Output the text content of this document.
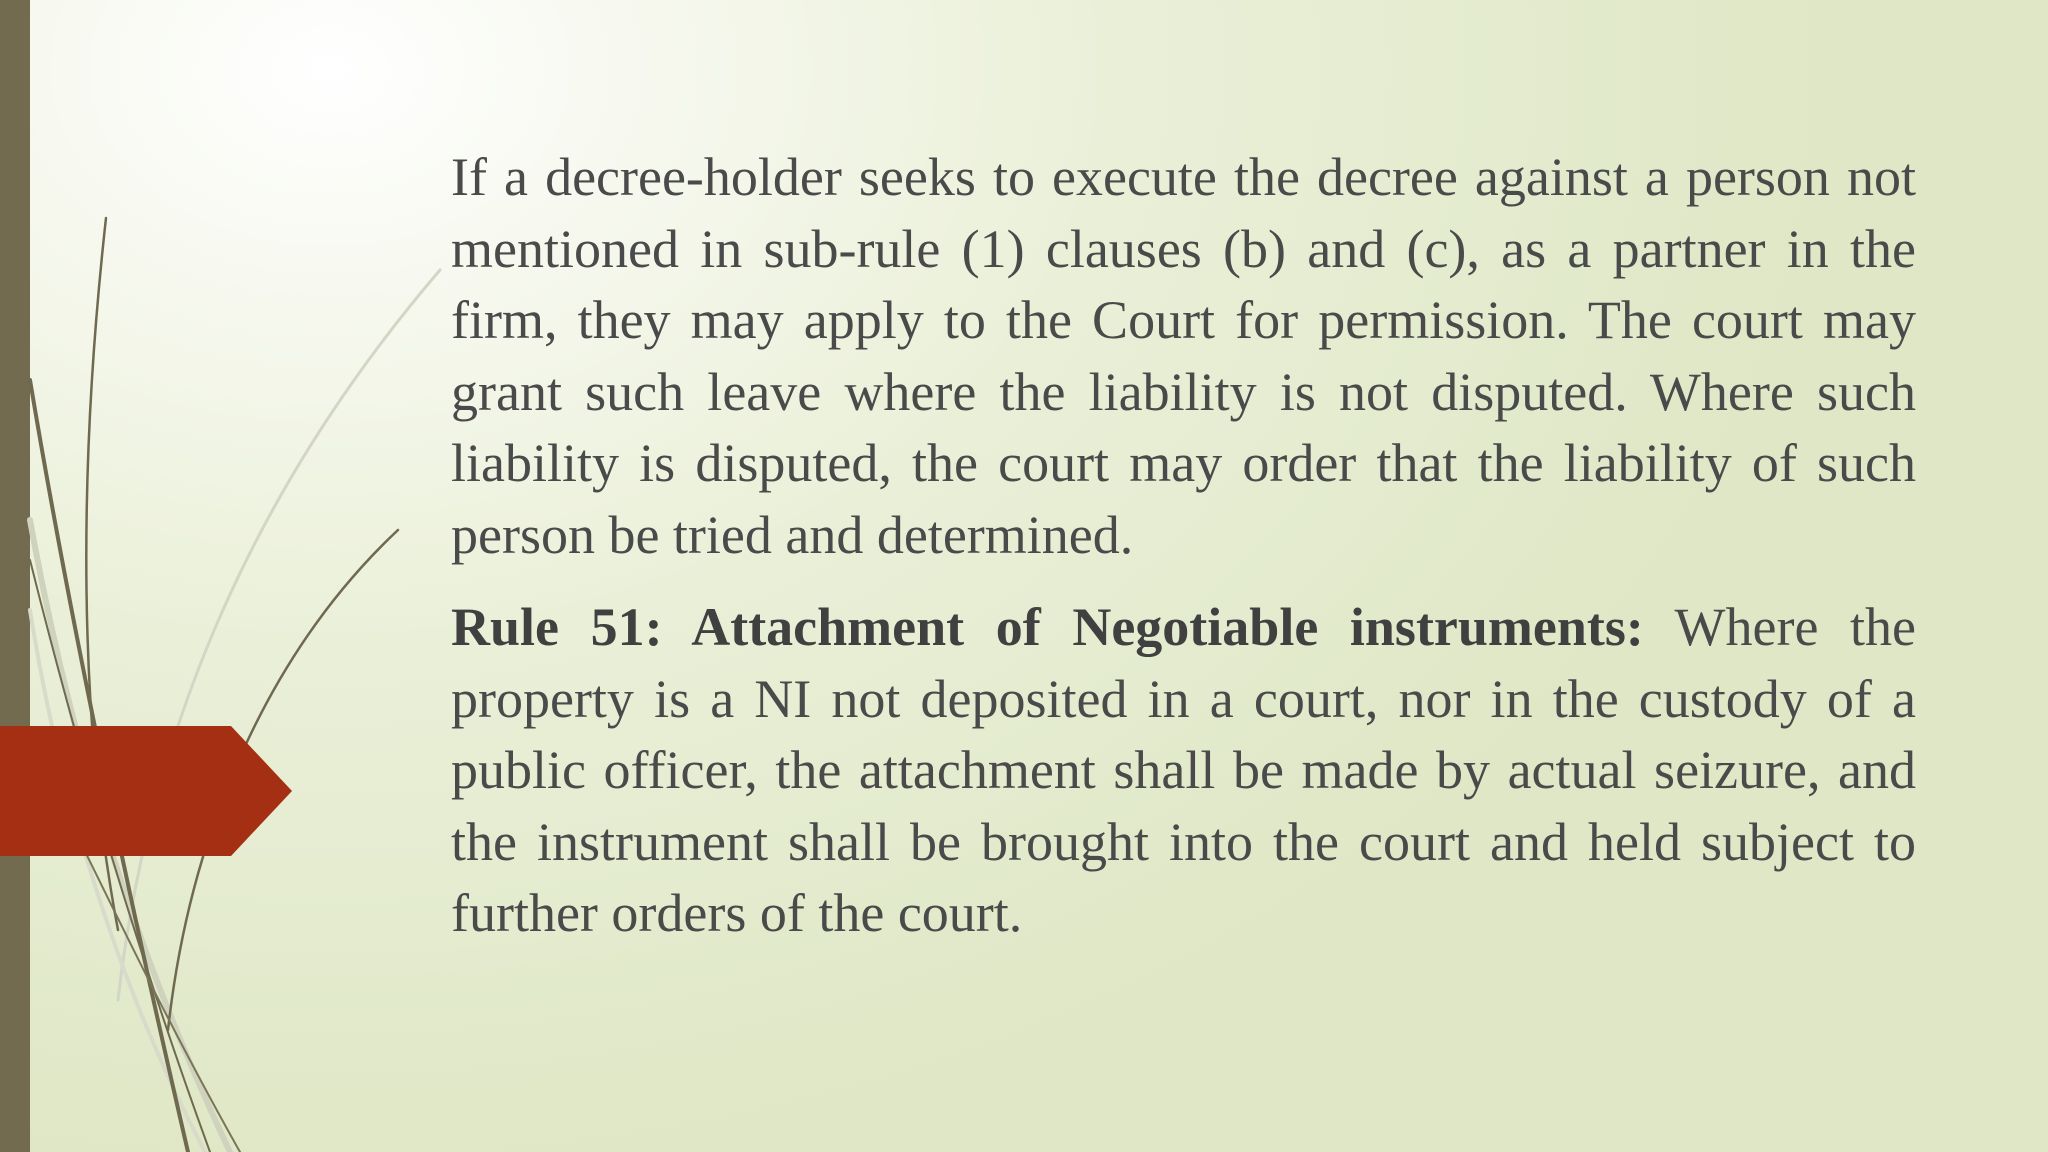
If a decree-holder seeks to execute the decree against a person not mentioned in sub-rule (1) clauses (b) and (c), as a partner in the firm, they may apply to the Court for permission. The court may grant such leave where the liability is not disputed. Where such liability is disputed, the court may order that the liability of such person be tried and determined.

Rule 51: Attachment of Negotiable instruments: Where the property is a NI not deposited in a court, nor in the custody of a public officer, the attachment shall be made by actual seizure, and the instrument shall be brought into the court and held subject to further orders of the court.
